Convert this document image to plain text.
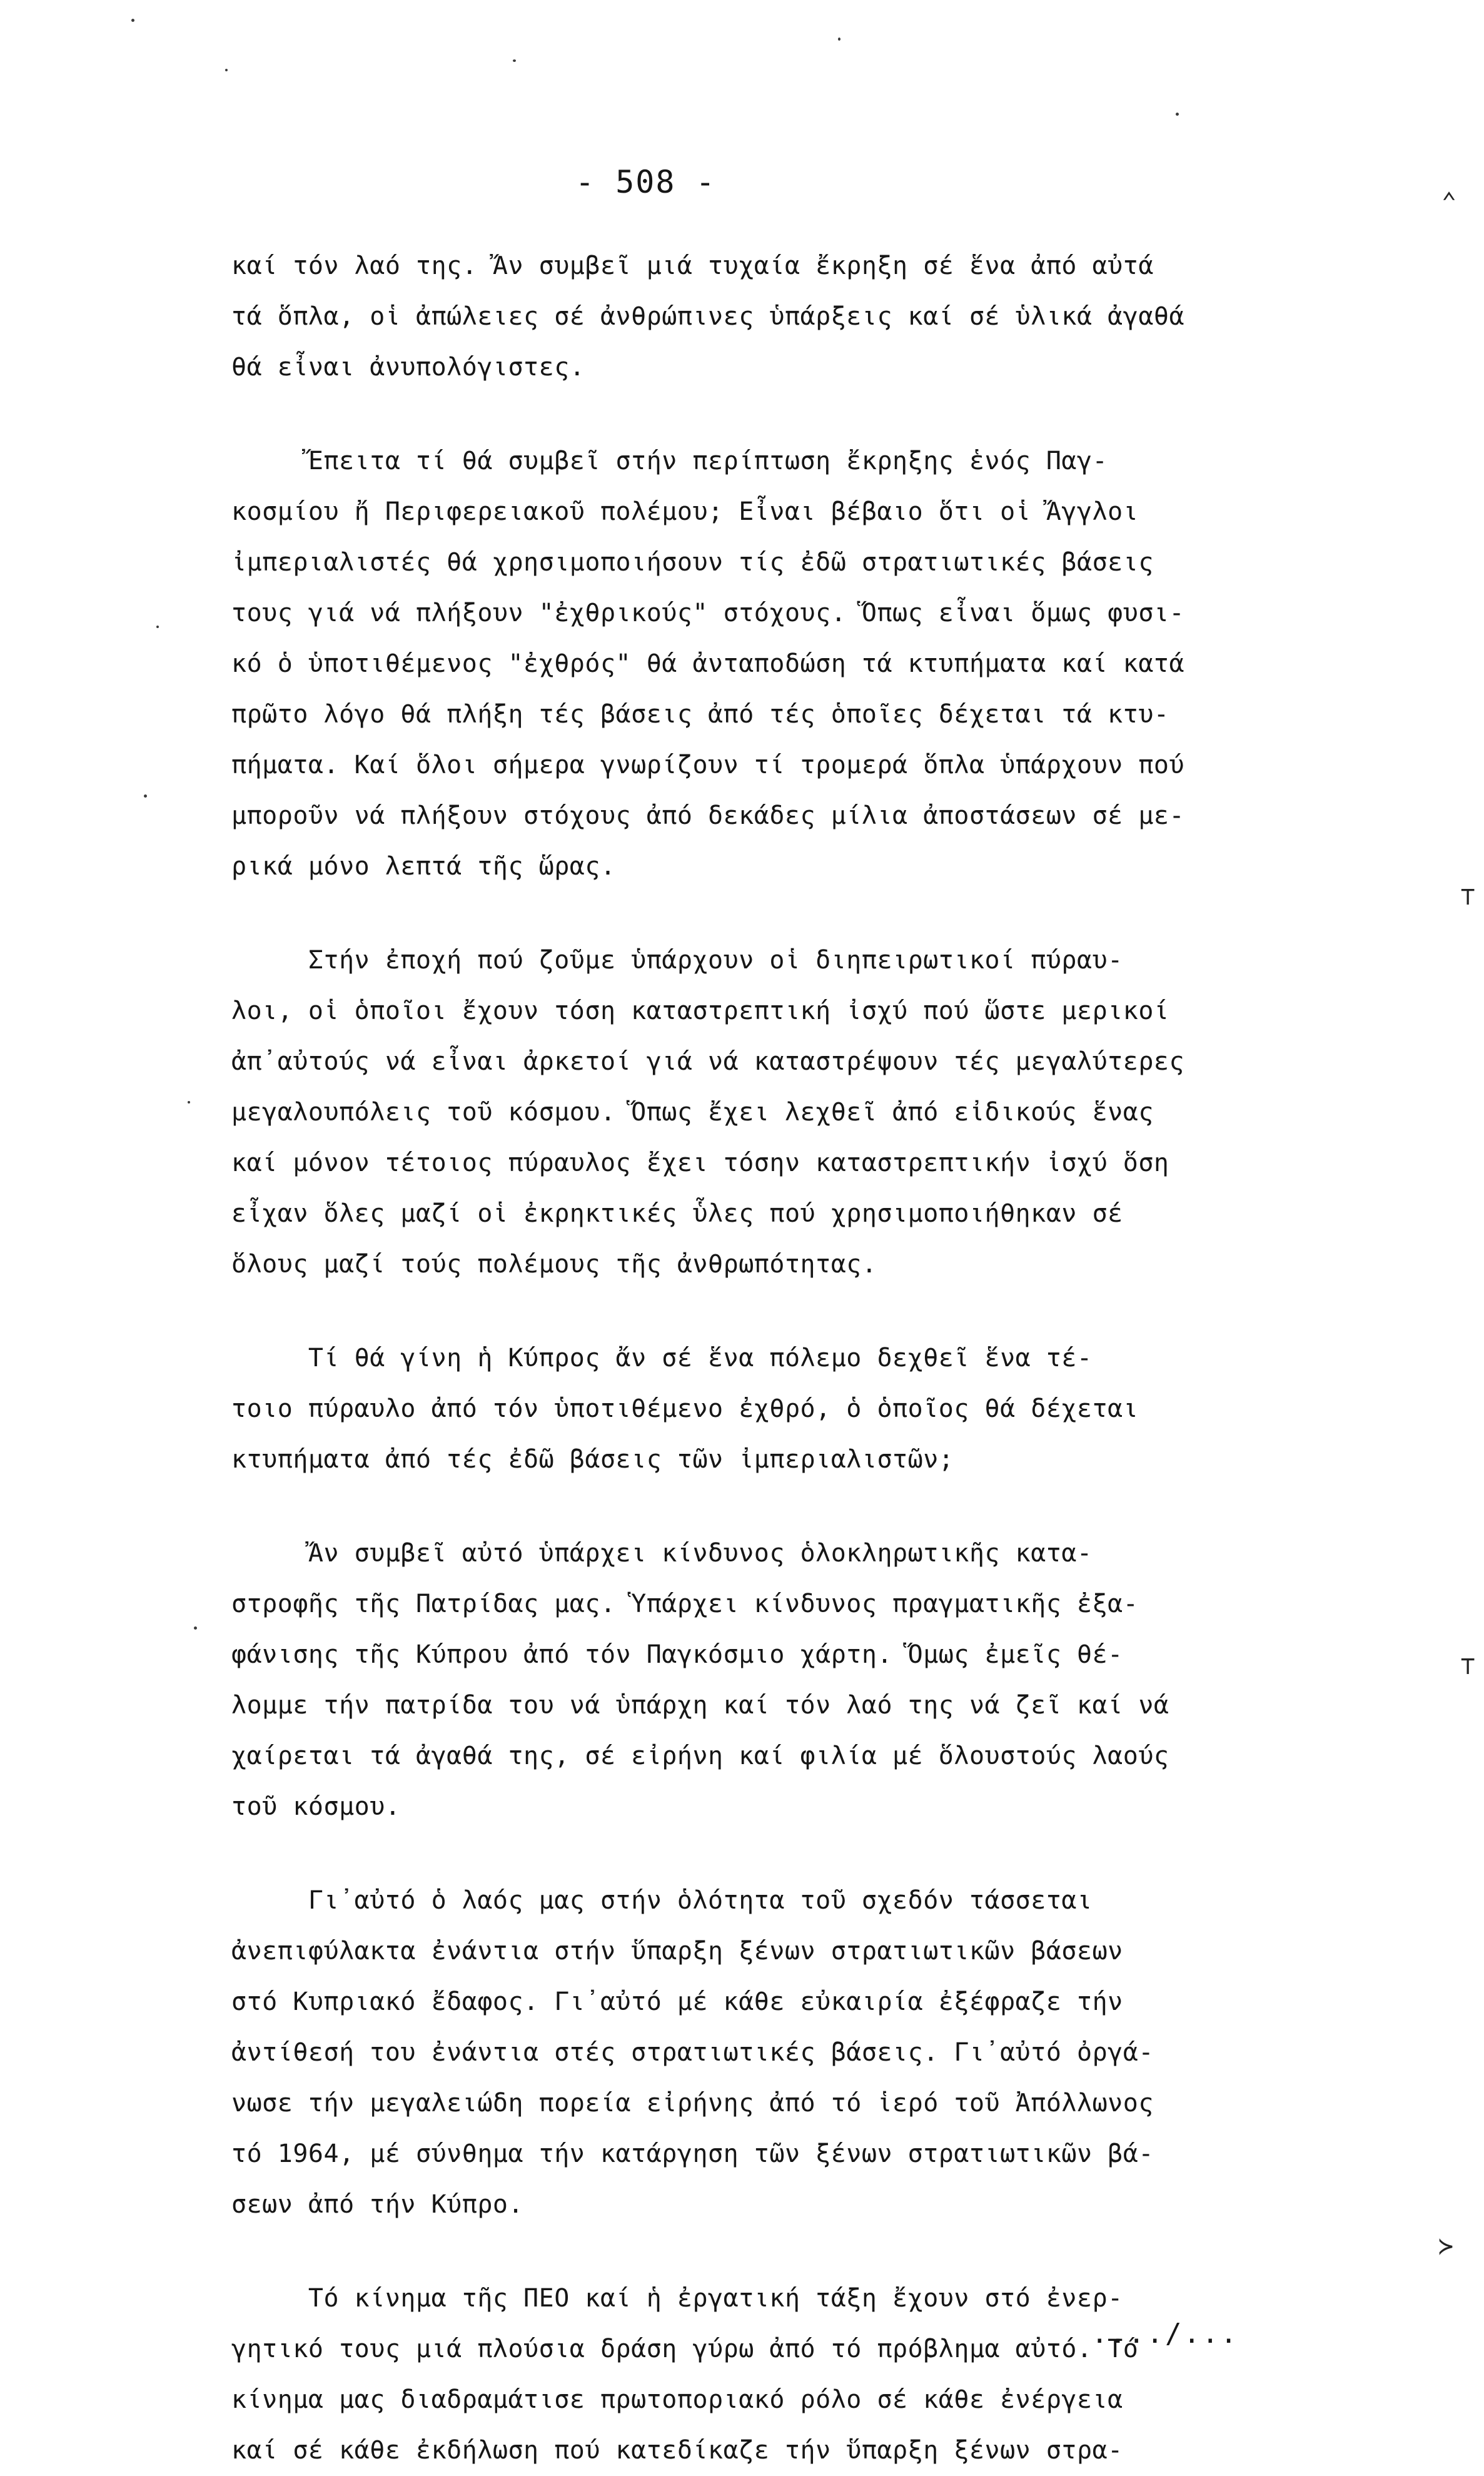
- 508 -
καί τόν λαό της. Ἄν συμβεῖ μιά τυχαία ἔκρηξη σέ ἕνα ἀπό αὐτά
τά ὅπλα, οἱ ἀπώλειες σέ ἀνθρώπινες ὑπάρξεις καί σέ ὑλικά ἀγαθά
θά εἶναι ἀνυπολόγιστες.
Ἔπειτα τί θά συμβεῖ στήν περίπτωση ἔκρηξης ἑνός Παγ-
κοσμίου ἤ Περιφερειακοῦ πολέμου; Εἶναι βέβαιο ὅτι οἱ Ἄγγλοι
ἰμπεριαλιστές θά χρησιμοποιήσουν τίς ἐδῶ στρατιωτικές βάσεις
τους γιά νά πλήξουν "ἐχθρικούς" στόχους. Ὅπως εἶναι ὅμως φυσι-
κό ὁ ὑποτιθέμενος "ἐχθρός" θά ἀνταποδώση τά κτυπήματα καί κατά
πρῶτο λόγο θά πλήξη τές βάσεις ἀπό τές ὁποῖες δέχεται τά κτυ-
πήματα. Καί ὅλοι σήμερα γνωρίζουν τί τρομερά ὅπλα ὑπάρχουν πού
μποροῦν νά πλήξουν στόχους ἀπό δεκάδες μίλια ἀποστάσεων σέ με-
ρικά μόνο λεπτά τῆς ὥρας.
Στήν ἐποχή πού ζοῦμε ὑπάρχουν οἱ διηπειρωτικοί πύραυ-
λοι, οἱ ὁποῖοι ἔχουν τόση καταστρεπτική ἰσχύ πού ὥστε μερικοί
ἀπ᾽αὐτούς νά εἶναι ἀρκετοί γιά νά καταστρέψουν τές μεγαλύτερες
μεγαλουπόλεις τοῦ κόσμου. Ὅπως ἔχει λεχθεῖ ἀπό εἰδικούς ἕνας
καί μόνον τέτοιος πύραυλος ἔχει τόσην καταστρεπτικήν ἰσχύ ὅση
εἶχαν ὅλες μαζί οἱ ἐκρηκτικές ὗλες πού χρησιμοποιήθηκαν σέ
ὅλους μαζί τούς πολέμους τῆς ἀνθρωπότητας.
Τί θά γίνη ἡ Κύπρος ἄν σέ ἕνα πόλεμο δεχθεῖ ἕνα τέ-
τοιο πύραυλο ἀπό τόν ὑποτιθέμενο ἐχθρό, ὁ ὁποῖος θά δέχεται
κτυπήματα ἀπό τές ἐδῶ βάσεις τῶν ἰμπεριαλιστῶν;
Ἄν συμβεῖ αὐτό ὑπάρχει κίνδυνος ὁλοκληρωτικῆς κατα-
στροφῆς τῆς Πατρίδας μας. Ὑπάρχει κίνδυνος πραγματικῆς ἐξα-
φάνισης τῆς Κύπρου ἀπό τόν Παγκόσμιο χάρτη. Ὅμως ἐμεῖς θέ-
λομμε τήν πατρίδα του νά ὑπάρχη καί τόν λαό της νά ζεῖ καί νά
χαίρεται τά ἀγαθά της, σέ εἰρήνη καί φιλία μέ ὅλουστούς λαούς
τοῦ κόσμου.
Γι᾽αὐτό ὁ λαός μας στήν ὁλότητα τοῦ σχεδόν τάσσεται
ἀνεπιφύλακτα ἐνάντια στήν ὕπαρξη ξένων στρατιωτικῶν βάσεων
στό Κυπριακό ἔδαφος. Γι᾽αὐτό μέ κάθε εὐκαιρία ἐξέφραζε τήν
ἀντίθεσή του ἐνάντια στές στρατιωτικές βάσεις. Γι᾽αὐτό ὀργά-
νωσε τήν μεγαλειώδη πορεία εἰρήνης ἀπό τό ἱερό τοῦ Ἀπόλλωνος
τό 1964, μέ σύνθημα τήν κατάργηση τῶν ξένων στρατιωτικῶν βά-
σεων ἀπό τήν Κύπρο.
Τό κίνημα τῆς ΠΕΟ καί ἡ ἐργατική τάξη ἔχουν στό ἐνερ-
γητικό τους μιά πλούσια δράση γύρω ἀπό τό πρόβλημα αὐτό. Τό
κίνημα μας διαδραμάτισε πρωτοποριακό ρόλο σέ κάθε ἐνέργεια
καί σέ κάθε ἐκδήλωση πού κατεδίκαζε τήν ὕπαρξη ξένων στρα-
..../...
⌃
⊤
⊤
≻
